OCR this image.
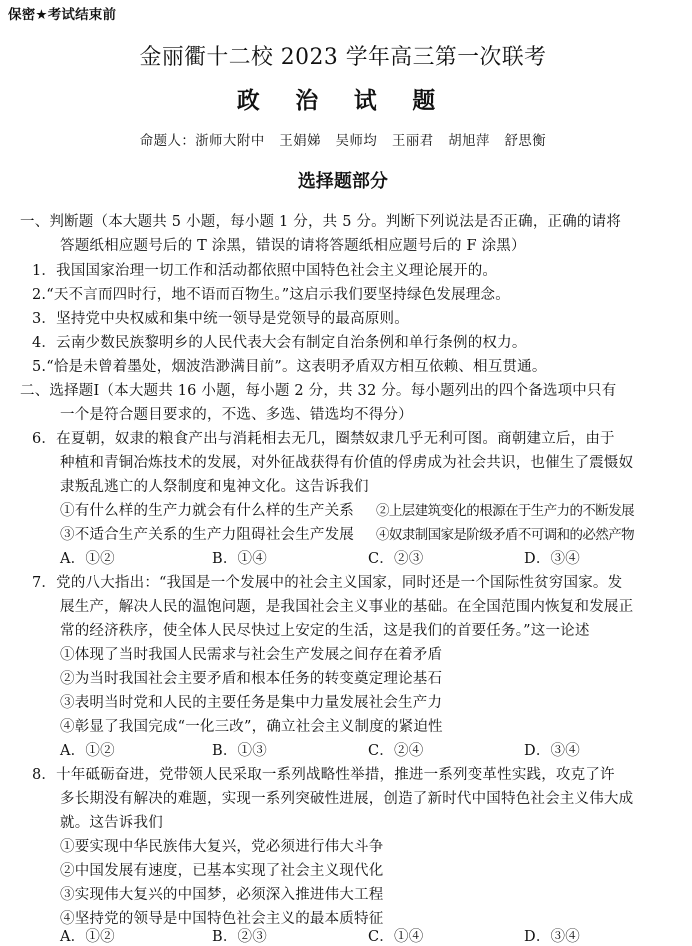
保密★考试结束前
金丽衢十二校 2023 学年高三第一次联考
政 治 试 题
命题人：浙师大附中 王娟娣 吴师均 王丽君 胡旭萍 舒思衡
选择题部分
一、判断题（本大题共 5 小题，每小题 1 分，共 5 分。判断下列说法是否正确，正确的请将
答题纸相应题号后的 T 涂黑，错误的请将答题纸相应题号后的 F 涂黑）
1．我国国家治理一切工作和活动都依照中国特色社会主义理论展开的。
2.“天不言而四时行，地不语而百物生。”这启示我们要坚持绿色发展理念。
3．坚持党中央权威和集中统一领导是党领导的最高原则。
4．云南少数民族黎明乡的人民代表大会有制定自治条例和单行条例的权力。
5.“恰是未曾着墨处，烟波浩渺满目前”。这表明矛盾双方相互依赖、相互贯通。
二、选择题Ⅰ（本大题共 16 小题，每小题 2 分，共 32 分。每小题列出的四个备选项中只有
一个是符合题目要求的，不选、多选、错选均不得分）
6．在夏朝，奴隶的粮食产出与消耗相去无几，圈禁奴隶几乎无利可图。商朝建立后，由于
种植和青铜冶炼技术的发展，对外征战获得有价值的俘虏成为社会共识，也催生了震慑奴
隶叛乱逃亡的人祭制度和鬼神文化。这告诉我们
①有什么样的生产力就会有什么样的生产关系 ②上层建筑变化的根源在于生产力的不断发展
③不适合生产关系的生产力阻碍社会生产发展 ④奴隶制国家是阶级矛盾不可调和的必然产物
A．①②	B．①④	C．②③	D．③④
7．党的八大指出：“我国是一个发展中的社会主义国家，同时还是一个国际性贫穷国家。发
展生产，解决人民的温饱问题，是我国社会主义事业的基础。在全国范围内恢复和发展正
常的经济秩序，使全体人民尽快过上安定的生活，这是我们的首要任务。”这一论述
①体现了当时我国人民需求与社会生产发展之间存在着矛盾
②为当时我国社会主要矛盾和根本任务的转变奠定理论基石
③表明当时党和人民的主要任务是集中力量发展社会生产力
④彰显了我国完成“一化三改”，确立社会主义制度的紧迫性
A．①②	B．①③	C．②④	D．③④
8．十年砥砺奋进，党带领人民采取一系列战略性举措，推进一系列变革性实践，攻克了许
多长期没有解决的难题，实现一系列突破性进展，创造了新时代中国特色社会主义伟大成
就。这告诉我们
①要实现中华民族伟大复兴，党必须进行伟大斗争
②中国发展有速度，已基本实现了社会主义现代化
③实现伟大复兴的中国梦，必须深入推进伟大工程
④坚持党的领导是中国特色社会主义的最本质特征
A．①②	B．②③	C．①④	D．③④
